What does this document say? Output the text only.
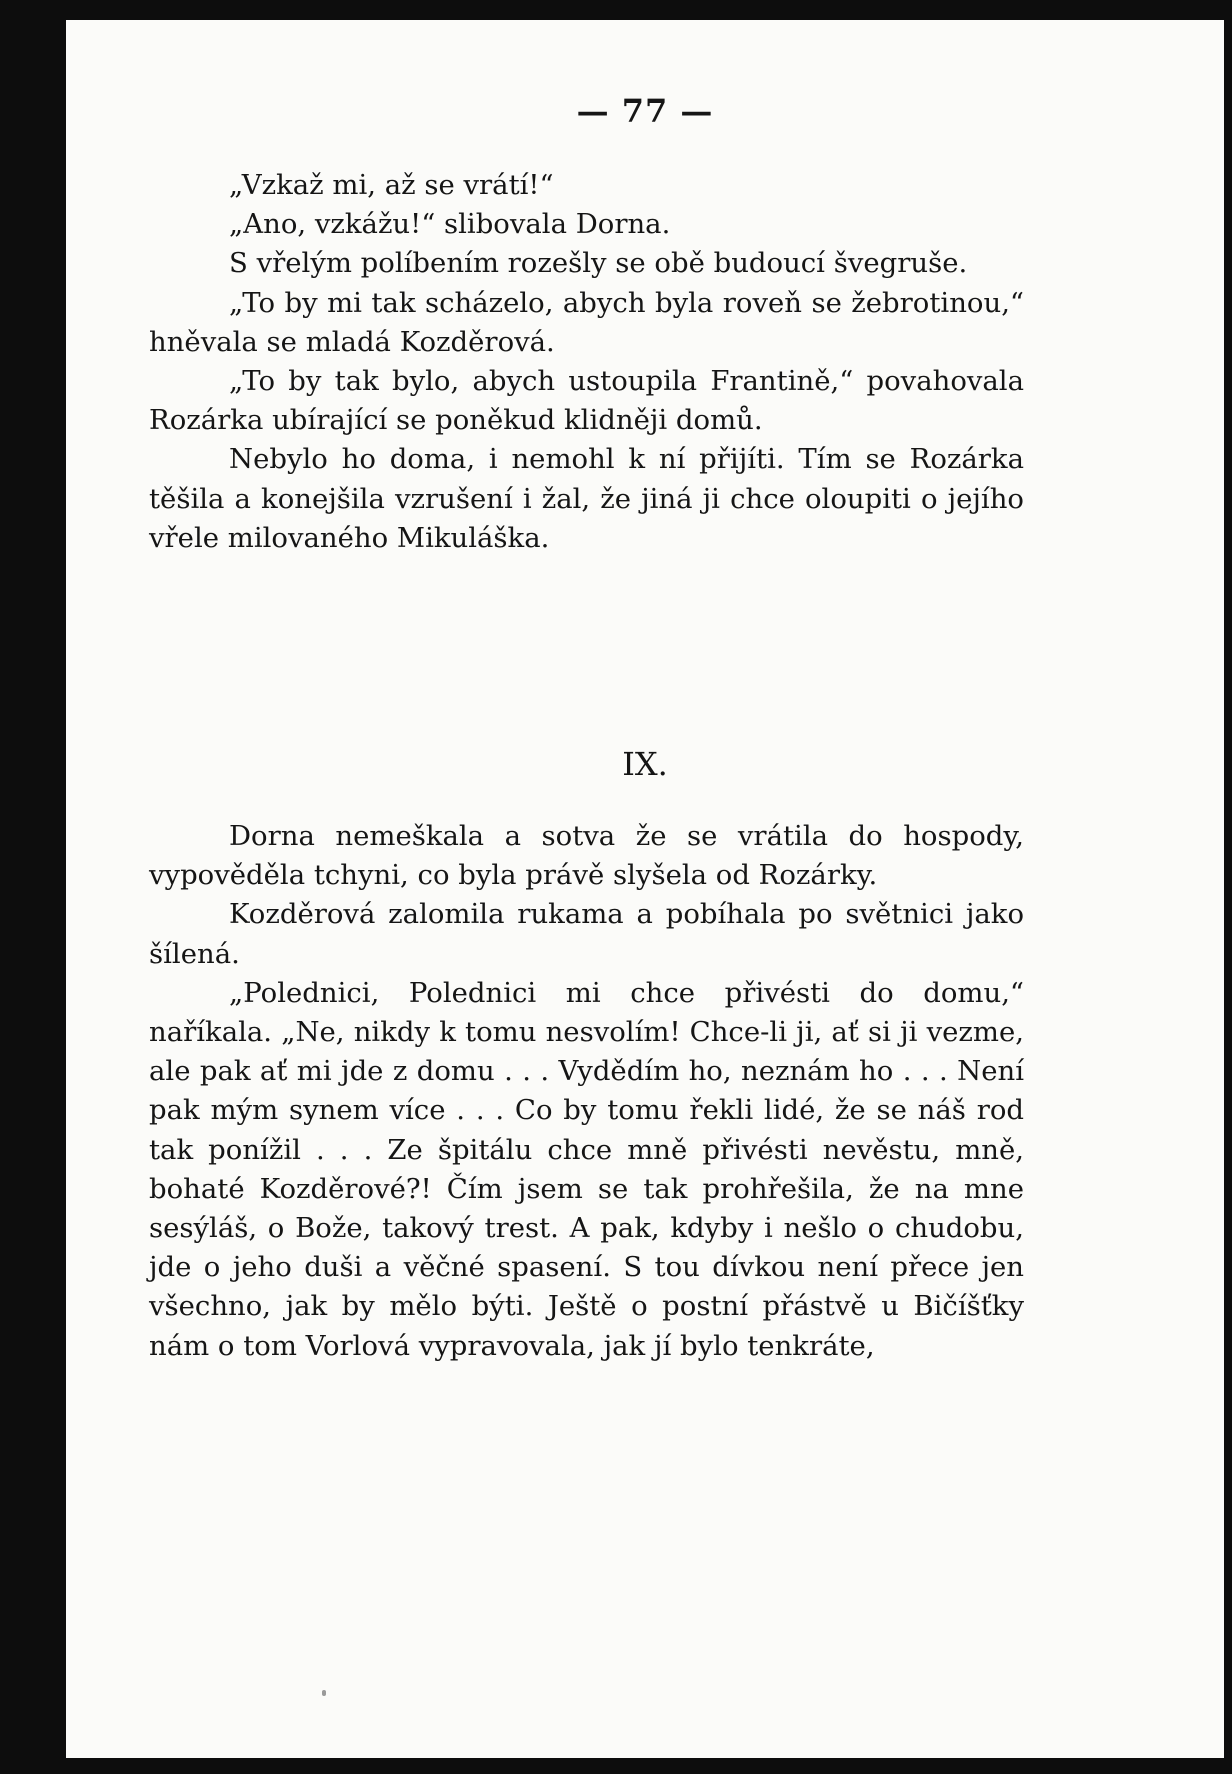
— 77 —

„Vzkaž mi, až se vrátí!“

„Ano, vzkážu!“ slibovala Dorna.

S vřelým políbením rozešly se obě budoucí švegruše.

„To by mi tak scházelo, abych byla roveň se žebrotinou,“ hněvala se mladá Kozděrová.

„To by tak bylo, abych ustoupila Frantině,“ povahovala Rozárka ubírající se poněkud klidněji domů.

Nebylo ho doma, i nemohl k ní přijíti. Tím se Rozárka těšila a konejšila vzrušení i žal, že jiná ji chce oloupiti o jejího vřele milovaného Mikuláška.

IX.

Dorna nemeškala a sotva že se vrátila do hospody, vypověděla tchyni, co byla právě slyšela od Rozárky.

Kozděrová zalomila rukama a pobíhala po světnici jako šílená.

„Polednici, Polednici mi chce přivésti do domu,“ naříkala. „Ne, nikdy k tomu nesvolím! Chce-li ji, ať si ji vezme, ale pak ať mi jde z domu . . . Vydědím ho, neznám ho . . . Není pak mým synem více . . . Co by tomu řekli lidé, že se náš rod tak ponížil . . . Ze špitálu chce mně přivésti nevěstu, mně, bohaté Kozděrové?! Čím jsem se tak prohřešila, že na mne sesýláš, o Bože, takový trest. A pak, kdyby i nešlo o chudobu, jde o jeho duši a věčné spasení. S tou dívkou není přece jen všechno, jak by mělo býti. Ještě o postní přástvě u Bičíšťky nám o tom Vorlová vypravovala, jak jí bylo tenkráte,
